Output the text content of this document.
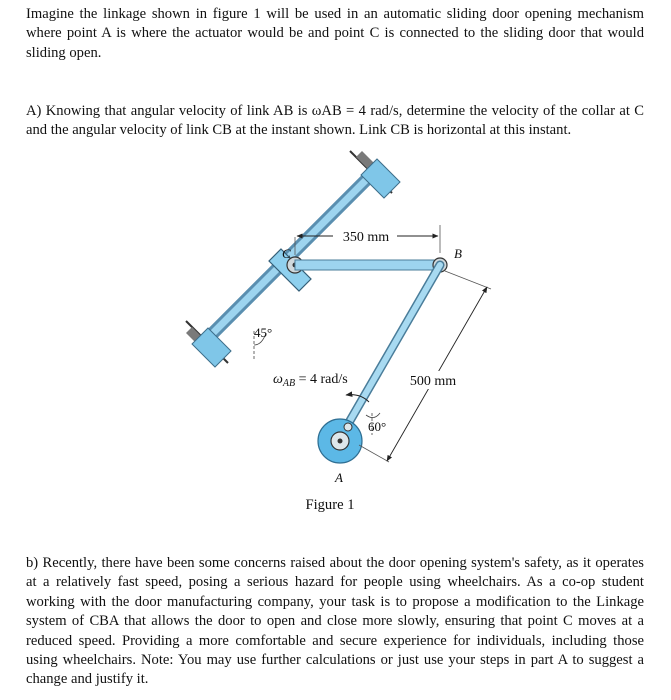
Imagine the linkage shown in figure 1 will be used in an automatic sliding door opening mechanism where point A is where the actuator would be and point C is connected to the sliding door that would sliding open.

A) Knowing that angular velocity of link AB is ωAB = 4 rad/s, determine the velocity of the collar at C and the angular velocity of link CB at the instant shown. Link CB is horizontal at this instant.

350 mm
500 mm
45°
$\omega_{AB} = 4$ rad/s
60°
C	B
A
Figure 1

b) Recently, there have been some concerns raised about the door opening system's safety, as it operates at a relatively fast speed, posing a serious hazard for people using wheelchairs. As a co-op student working with the door manufacturing company, your task is to propose a modification to the Linkage system of CBA that allows the door to open and close more slowly, ensuring that point C moves at a reduced speed. Providing a more comfortable and secure experience for individuals, including those using wheelchairs. Note: You may use further calculations or just use your steps in part A to suggest a change and justify it.
